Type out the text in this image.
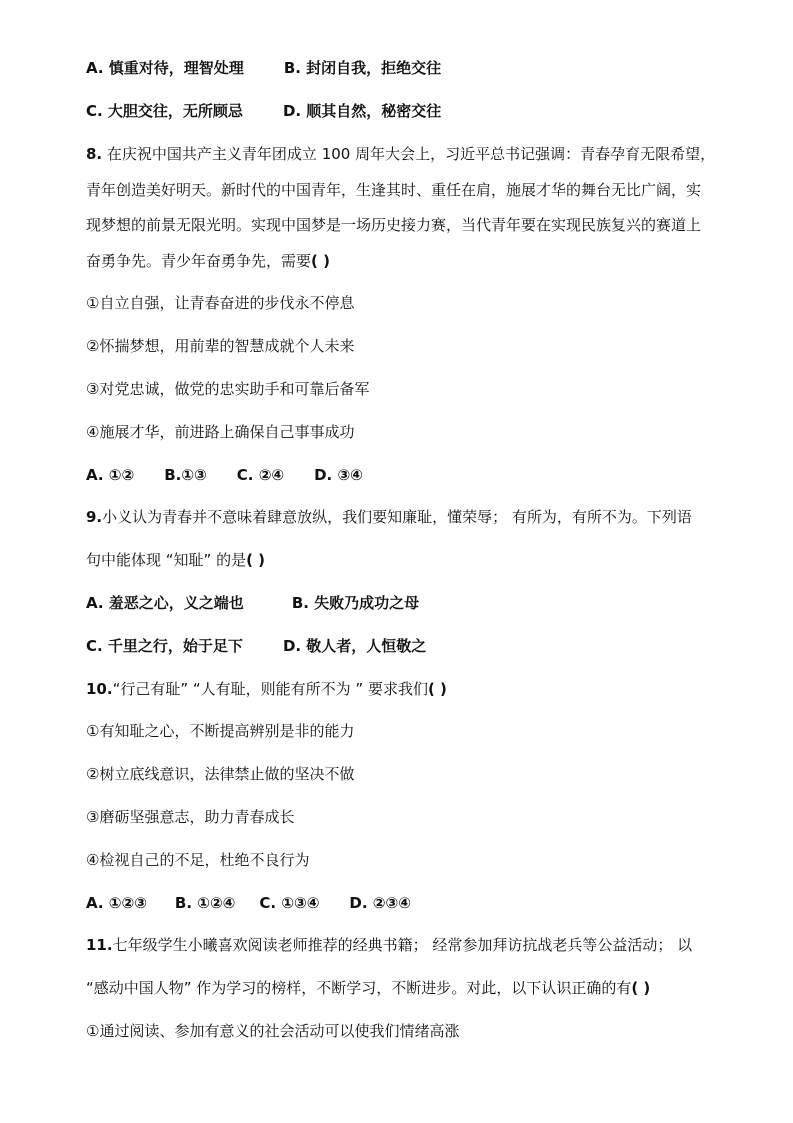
A. 慎重对待，理智处理	B. 封闭自我，拒绝交往
C. 大胆交往，无所顾忌	D. 顺其自然，秘密交往
8. 在庆祝中国共产主义青年团成立 100 周年大会上，习近平总书记强调：青春孕育无限希望，
青年创造美好明天。新时代的中国青年，生逢其时、重任在肩，施展才华的舞台无比广阔，实
现梦想的前景无限光明。实现中国梦是一场历史接力赛，当代青年要在实现民族复兴的赛道上
奋勇争先。青少年奋勇争先，需要( )
①自立自强，让青春奋进的步伐永不停息
②怀揣梦想，用前辈的智慧成就个人未来
③对党忠诚，做党的忠实助手和可靠后备军
④施展才华，前进路上确保自己事事成功
A. ①② B.①③ C. ②④ D. ③④
9.小义认为青春并不意味着肆意放纵，我们要知廉耻，懂荣辱； 有所为，有所不为。下列语
句中能体现 “知耻” 的是( )
A. 羞恶之心，义之端也	B. 失败乃成功之母
C. 千里之行，始于足下	D. 敬人者，人恒敬之
10.“行己有耻” “人有耻，则能有所不为 ” 要求我们( )
①有知耻之心，不断提高辨别是非的能力
②树立底线意识，法律禁止做的坚决不做
③磨砺坚强意志，助力青春成长
④检视自己的不足，杜绝不良行为
A. ①②③ B. ①②④ C. ①③④ D. ②③④
11.七年级学生小曦喜欢阅读老师推荐的经典书籍； 经常参加拜访抗战老兵等公益活动； 以
“感动中国人物” 作为学习的榜样，不断学习，不断进步。对此，以下认识正确的有( )
①通过阅读、参加有意义的社会活动可以使我们情绪高涨
